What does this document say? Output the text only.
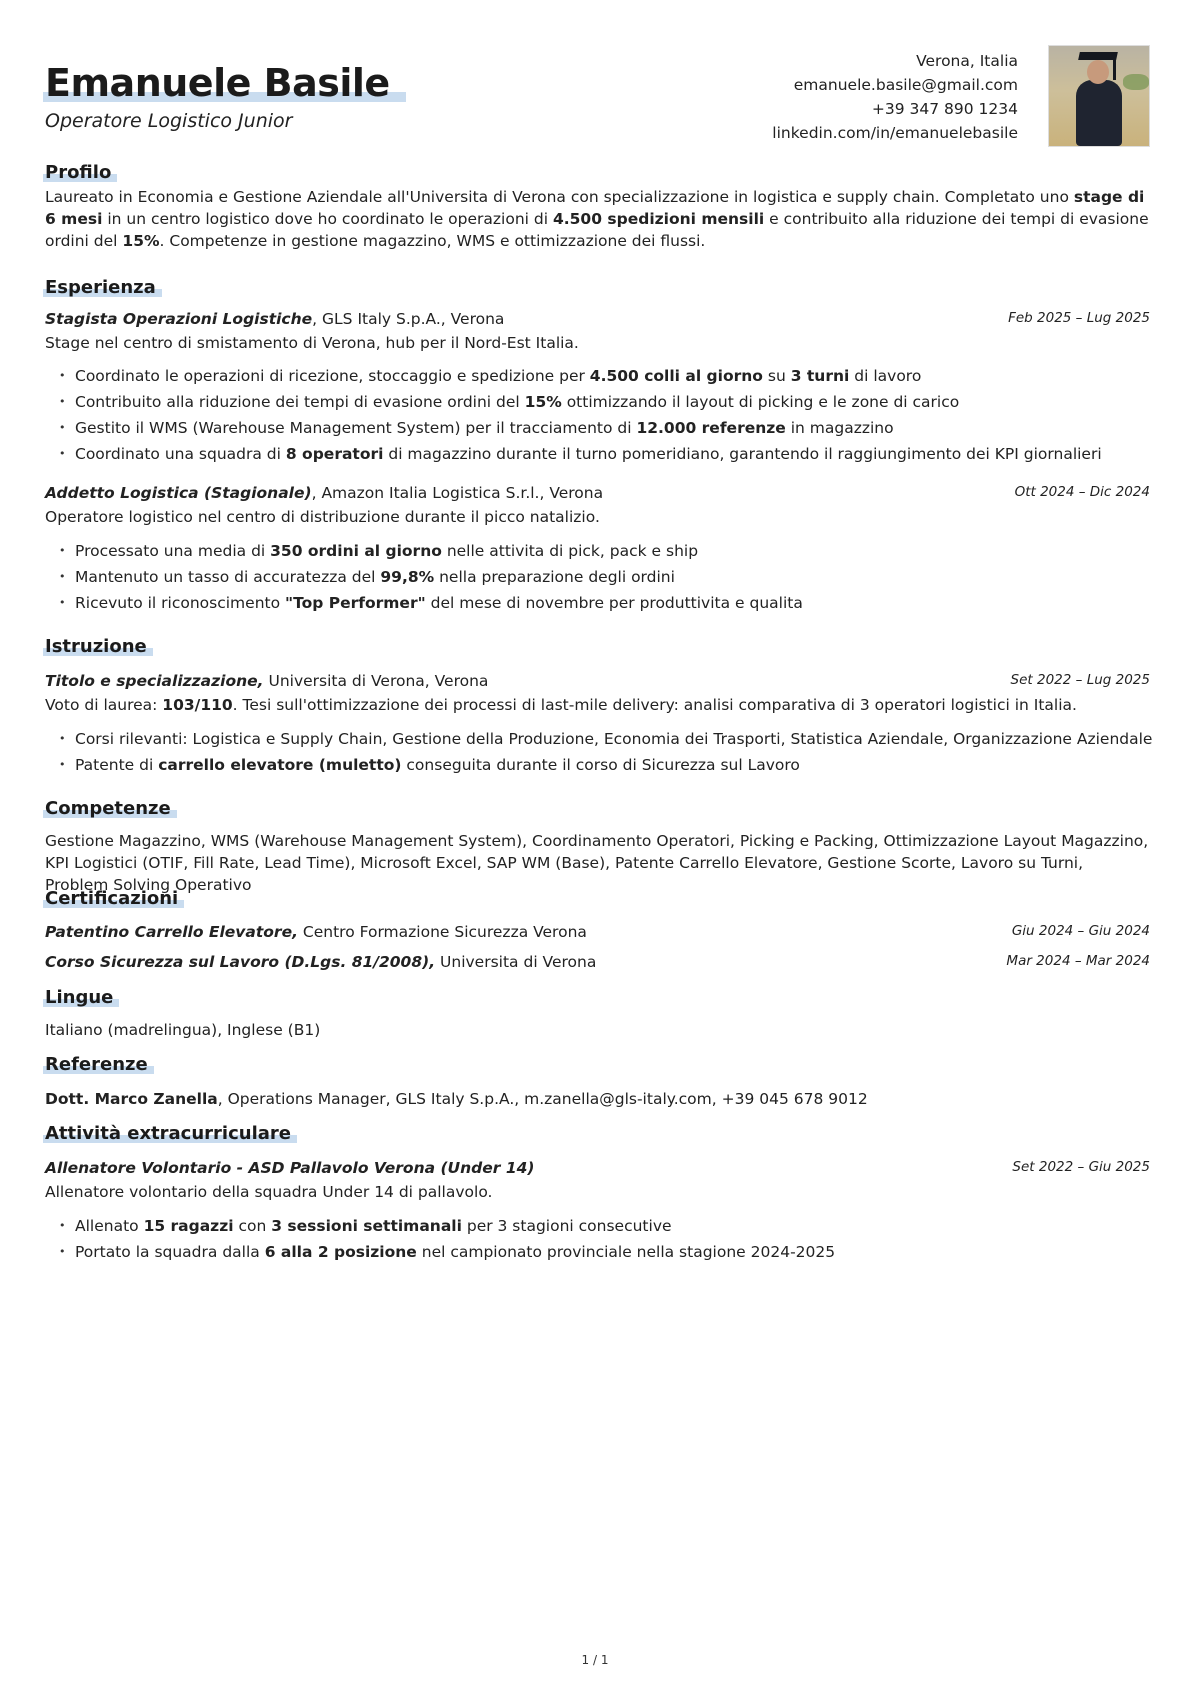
Emanuele Basile
Operatore Logistico Junior
Verona, Italia
emanuele.basile@gmail.com
+39 347 890 1234
linkedin.com/in/emanuelebasile
Profilo
Laureato in Economia e Gestione Aziendale all'Universita di Verona con specializzazione in logistica e supply chain. Completato uno stage di 6 mesi in un centro logistico dove ho coordinato le operazioni di 4.500 spedizioni mensili e contribuito alla riduzione dei tempi di evasione ordini del 15%. Competenze in gestione magazzino, WMS e ottimizzazione dei flussi.
Esperienza
Stagista Operazioni Logistiche, GLS Italy S.p.A., Verona	Feb 2025 – Lug 2025
Stage nel centro di smistamento di Verona, hub per il Nord-Est Italia.
• Coordinato le operazioni di ricezione, stoccaggio e spedizione per 4.500 colli al giorno su 3 turni di lavoro
• Contribuito alla riduzione dei tempi di evasione ordini del 15% ottimizzando il layout di picking e le zone di carico
• Gestito il WMS (Warehouse Management System) per il tracciamento di 12.000 referenze in magazzino
• Coordinato una squadra di 8 operatori di magazzino durante il turno pomeridiano, garantendo il raggiungimento dei KPI giornalieri
Addetto Logistica (Stagionale), Amazon Italia Logistica S.r.l., Verona	Ott 2024 – Dic 2024
Operatore logistico nel centro di distribuzione durante il picco natalizio.
• Processato una media di 350 ordini al giorno nelle attivita di pick, pack e ship
• Mantenuto un tasso di accuratezza del 99,8% nella preparazione degli ordini
• Ricevuto il riconoscimento "Top Performer" del mese di novembre per produttivita e qualita
Istruzione
Titolo e specializzazione, Universita di Verona, Verona	Set 2022 – Lug 2025
Voto di laurea: 103/110. Tesi sull'ottimizzazione dei processi di last-mile delivery: analisi comparativa di 3 operatori logistici in Italia.
• Corsi rilevanti: Logistica e Supply Chain, Gestione della Produzione, Economia dei Trasporti, Statistica Aziendale, Organizzazione Aziendale
• Patente di carrello elevatore (muletto) conseguita durante il corso di Sicurezza sul Lavoro
Competenze
Gestione Magazzino, WMS (Warehouse Management System), Coordinamento Operatori, Picking e Packing, Ottimizzazione Layout Magazzino, KPI Logistici (OTIF, Fill Rate, Lead Time), Microsoft Excel, SAP WM (Base), Patente Carrello Elevatore, Gestione Scorte, Lavoro su Turni, Problem Solving Operativo
Certificazioni
Patentino Carrello Elevatore, Centro Formazione Sicurezza Verona	Giu 2024 – Giu 2024
Corso Sicurezza sul Lavoro (D.Lgs. 81/2008), Universita di Verona	Mar 2024 – Mar 2024
Lingue
Italiano (madrelingua), Inglese (B1)
Referenze
Dott. Marco Zanella, Operations Manager, GLS Italy S.p.A., m.zanella@gls-italy.com, +39 045 678 9012
Attività extracurriculare
Allenatore Volontario - ASD Pallavolo Verona (Under 14)	Set 2022 – Giu 2025
Allenatore volontario della squadra Under 14 di pallavolo.
• Allenato 15 ragazzi con 3 sessioni settimanali per 3 stagioni consecutive
• Portato la squadra dalla 6 alla 2 posizione nel campionato provinciale nella stagione 2024-2025
1 / 1
